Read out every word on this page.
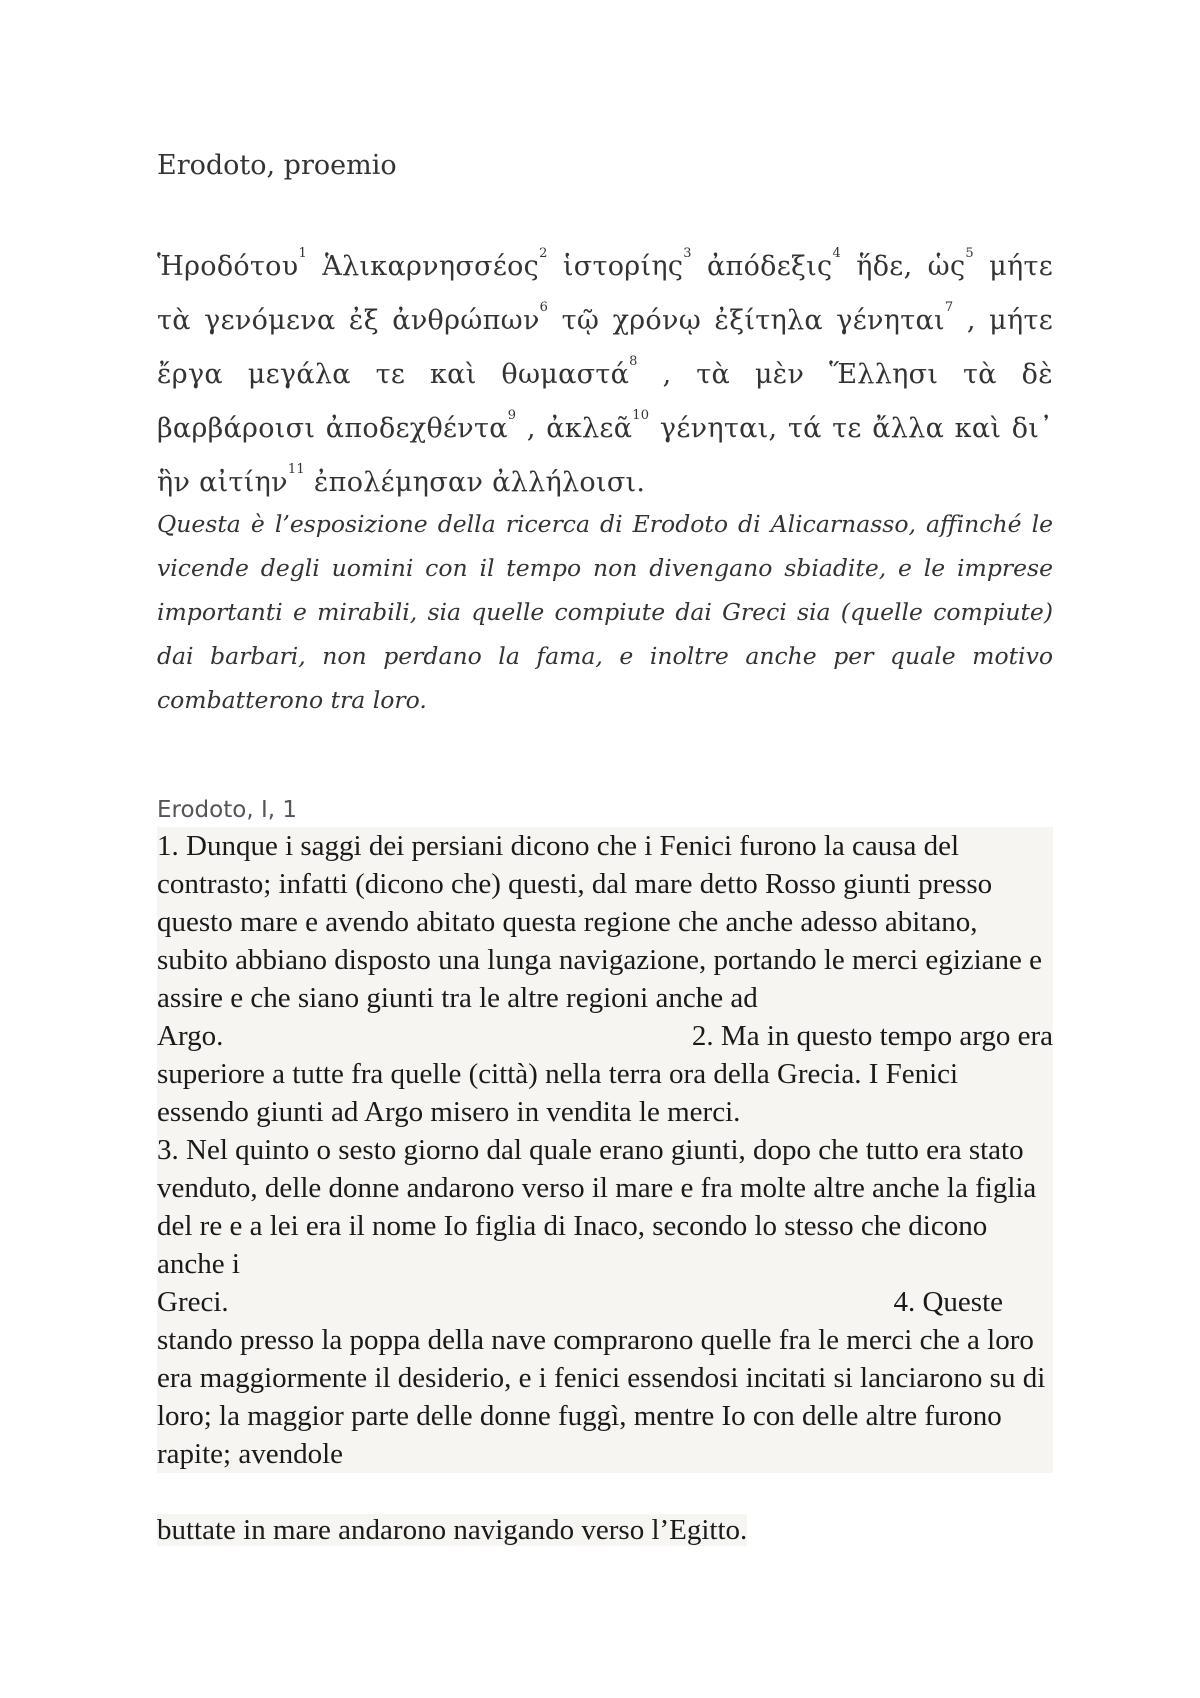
Erodoto, proemio
Ἡροδότου$^1$ Ἁλικαρνησσέος$^2$ ἱστορίης$^3$ ἀπόδεξις$^4$ ἥδε, ὡς$^5$ μήτε τὰ γενόμενα ἐξ ἀνθρώπων$^6$ τῷ χρόνῳ ἐξίτηλα γένηται$^7$ , μήτε ἔργα μεγάλα τε καὶ θωμαστά$^8$ , τὰ μὲν Ἕλλησι τὰ δὲ βαρβάροισι ἀποδεχθέντα$^9$ , ἀκλεᾶ$^{10}$ γένηται, τά τε ἄλλα καὶ δι᾽ ἣν αἰτίην$^{11}$ ἐπολέμησαν ἀλλήλοισι.
Questa è l’esposizione della ricerca di Erodoto di Alicarnasso, affinché le vicende degli uomini con il tempo non divengano sbiadite, e le imprese importanti e mirabili, sia quelle compiute dai Greci sia (quelle compiute) dai barbari, non perdano la fama, e inoltre anche per quale motivo combatterono tra loro.
Erodoto, I, 1
1. Dunque i saggi dei persiani dicono che i Fenici furono la causa del contrasto; infatti (dicono che) questi, dal mare detto Rosso giunti presso questo mare e avendo abitato questa regione che anche adesso abitano, subito abbiano disposto una lunga navigazione, portando le merci egiziane e assire e che siano giunti tra le altre regioni anche ad
Argo.	2. Ma in questo tempo argo era
superiore a tutte fra quelle (città) nella terra ora della Grecia. I Fenici essendo giunti ad Argo misero in vendita le merci.
3. Nel quinto o sesto giorno dal quale erano giunti, dopo che tutto era stato venduto, delle donne andarono verso il mare e fra molte altre anche la figlia del re e a lei era il nome Io figlia di Inaco, secondo lo stesso che dicono anche i
Greci.	4. Queste
stando presso la poppa della nave comprarono quelle fra le merci che a loro era maggiormente il desiderio, e i fenici essendosi incitati si lanciarono su di loro; la maggior parte delle donne fuggì, mentre Io con delle altre furono rapite; avendole
buttate in mare andarono navigando verso l’Egitto.
